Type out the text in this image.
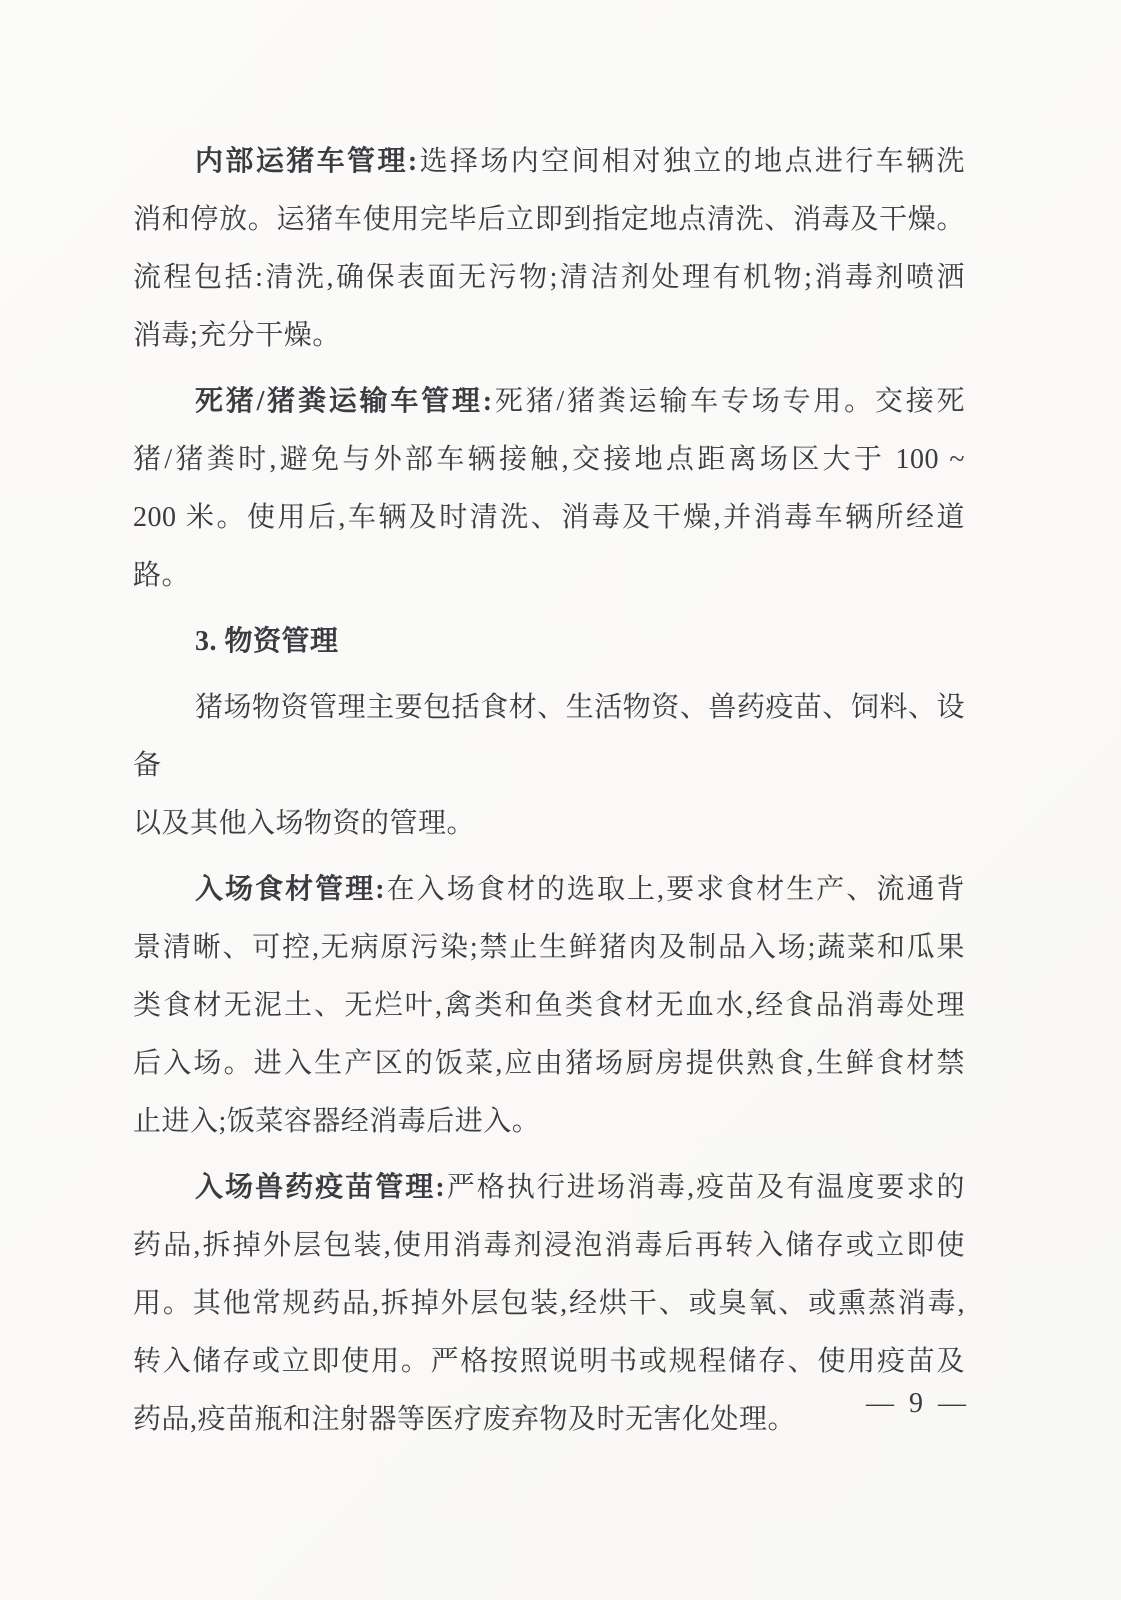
内部运猪车管理:选择场内空间相对独立的地点进行车辆洗
消和停放。运猪车使用完毕后立即到指定地点清洗、消毒及干燥。
流程包括:清洗,确保表面无污物;清洁剂处理有机物;消毒剂喷洒
消毒;充分干燥。
死猪/猪粪运输车管理:死猪/猪粪运输车专场专用。交接死
猪/猪粪时,避免与外部车辆接触,交接地点距离场区大于 100 ~
200 米。使用后,车辆及时清洗、消毒及干燥,并消毒车辆所经道
路。
3. 物资管理
猪场物资管理主要包括食材、生活物资、兽药疫苗、饲料、设备
以及其他入场物资的管理。
入场食材管理:在入场食材的选取上,要求食材生产、流通背
景清晰、可控,无病原污染;禁止生鲜猪肉及制品入场;蔬菜和瓜果
类食材无泥土、无烂叶,禽类和鱼类食材无血水,经食品消毒处理
后入场。进入生产区的饭菜,应由猪场厨房提供熟食,生鲜食材禁
止进入;饭菜容器经消毒后进入。
入场兽药疫苗管理:严格执行进场消毒,疫苗及有温度要求的
药品,拆掉外层包装,使用消毒剂浸泡消毒后再转入储存或立即使
用。其他常规药品,拆掉外层包装,经烘干、或臭氧、或熏蒸消毒,
转入储存或立即使用。严格按照说明书或规程储存、使用疫苗及
药品,疫苗瓶和注射器等医疗废弃物及时无害化处理。
— 9 —
